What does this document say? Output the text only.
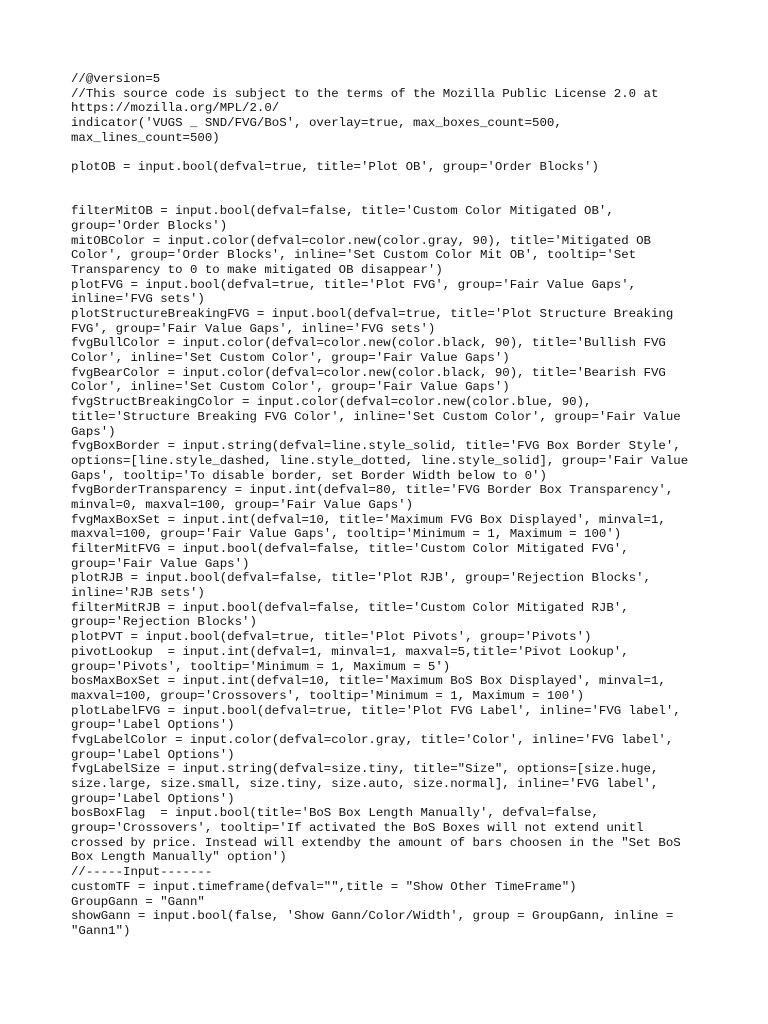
//@version=5
//This source code is subject to the terms of the Mozilla Public License 2.0 at
https://mozilla.org/MPL/2.0/
indicator('VUGS _ SND/FVG/BoS', overlay=true, max_boxes_count=500,
max_lines_count=500)
plotOB = input.bool(defval=true, title='Plot OB', group='Order Blocks')
filterMitOB = input.bool(defval=false, title='Custom Color Mitigated OB',
group='Order Blocks')
mitOBColor = input.color(defval=color.new(color.gray, 90), title='Mitigated OB
Color', group='Order Blocks', inline='Set Custom Color Mit OB', tooltip='Set
Transparency to 0 to make mitigated OB disappear')
plotFVG = input.bool(defval=true, title='Plot FVG', group='Fair Value Gaps',
inline='FVG sets')
plotStructureBreakingFVG = input.bool(defval=true, title='Plot Structure Breaking
FVG', group='Fair Value Gaps', inline='FVG sets')
fvgBullColor = input.color(defval=color.new(color.black, 90), title='Bullish FVG
Color', inline='Set Custom Color', group='Fair Value Gaps')
fvgBearColor = input.color(defval=color.new(color.black, 90), title='Bearish FVG
Color', inline='Set Custom Color', group='Fair Value Gaps')
fvgStructBreakingColor = input.color(defval=color.new(color.blue, 90),
title='Structure Breaking FVG Color', inline='Set Custom Color', group='Fair Value
Gaps')
fvgBoxBorder = input.string(defval=line.style_solid, title='FVG Box Border Style',
options=[line.style_dashed, line.style_dotted, line.style_solid], group='Fair Value
Gaps', tooltip='To disable border, set Border Width below to 0')
fvgBorderTransparency = input.int(defval=80, title='FVG Border Box Transparency',
minval=0, maxval=100, group='Fair Value Gaps')
fvgMaxBoxSet = input.int(defval=10, title='Maximum FVG Box Displayed', minval=1,
maxval=100, group='Fair Value Gaps', tooltip='Minimum = 1, Maximum = 100')
filterMitFVG = input.bool(defval=false, title='Custom Color Mitigated FVG',
group='Fair Value Gaps')
plotRJB = input.bool(defval=false, title='Plot RJB', group='Rejection Blocks',
inline='RJB sets')
filterMitRJB = input.bool(defval=false, title='Custom Color Mitigated RJB',
group='Rejection Blocks')
plotPVT = input.bool(defval=true, title='Plot Pivots', group='Pivots')
pivotLookup  = input.int(defval=1, minval=1, maxval=5,title='Pivot Lookup',
group='Pivots', tooltip='Minimum = 1, Maximum = 5')
bosMaxBoxSet = input.int(defval=10, title='Maximum BoS Box Displayed', minval=1,
maxval=100, group='Crossovers', tooltip='Minimum = 1, Maximum = 100')
plotLabelFVG = input.bool(defval=true, title='Plot FVG Label', inline='FVG label',
group='Label Options')
fvgLabelColor = input.color(defval=color.gray, title='Color', inline='FVG label',
group='Label Options')
fvgLabelSize = input.string(defval=size.tiny, title="Size", options=[size.huge,
size.large, size.small, size.tiny, size.auto, size.normal], inline='FVG label',
group='Label Options')
bosBoxFlag  = input.bool(title='BoS Box Length Manually', defval=false,
group='Crossovers', tooltip='If activated the BoS Boxes will not extend unitl
crossed by price. Instead will extendby the amount of bars choosen in the "Set BoS
Box Length Manually" option')
//-----Input-------
customTF = input.timeframe(defval="",title = "Show Other TimeFrame")
GroupGann = "Gann"
showGann = input.bool(false, 'Show Gann/Color/Width', group = GroupGann, inline =
"Gann1")
